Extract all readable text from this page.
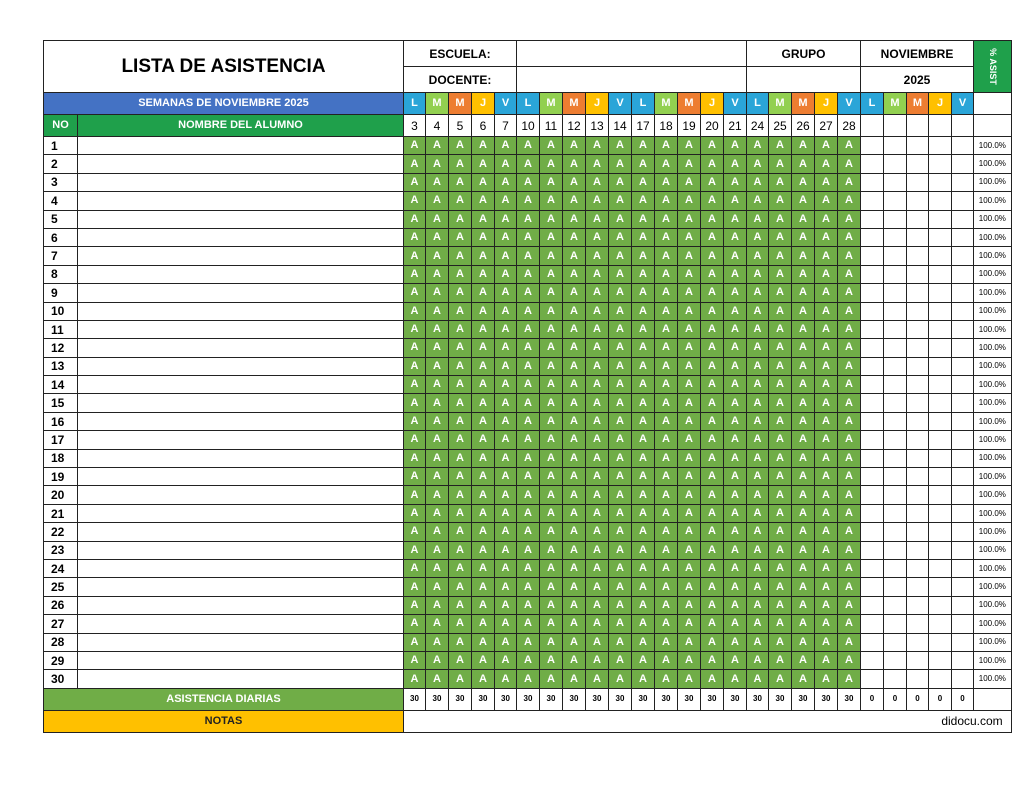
LISTA DE ASISTENCIA		ESCUELA:															GRUPO					NOVIEMBRE					% ASIST
		DOCENTE:																				2025					
SEMANAS DE NOVIEMBRE 2025		L	M	M	J	V	L	M	M	J	V	L	M	M	J	V	L	M	M	J	V	L	M	M	J	V	
NO	NOMBRE DEL ALUMNO	3	4	5	6	7	10	11	12	13	14	17	18	19	20	21	24	25	26	27	28						
1		A	A	A	A	A	A	A	A	A	A	A	A	A	A	A	A	A	A	A	A						100.0%
2		A	A	A	A	A	A	A	A	A	A	A	A	A	A	A	A	A	A	A	A						100.0%
3		A	A	A	A	A	A	A	A	A	A	A	A	A	A	A	A	A	A	A	A						100.0%
4		A	A	A	A	A	A	A	A	A	A	A	A	A	A	A	A	A	A	A	A						100.0%
5		A	A	A	A	A	A	A	A	A	A	A	A	A	A	A	A	A	A	A	A						100.0%
6		A	A	A	A	A	A	A	A	A	A	A	A	A	A	A	A	A	A	A	A						100.0%
7		A	A	A	A	A	A	A	A	A	A	A	A	A	A	A	A	A	A	A	A						100.0%
8		A	A	A	A	A	A	A	A	A	A	A	A	A	A	A	A	A	A	A	A						100.0%
9		A	A	A	A	A	A	A	A	A	A	A	A	A	A	A	A	A	A	A	A						100.0%
10		A	A	A	A	A	A	A	A	A	A	A	A	A	A	A	A	A	A	A	A						100.0%
11		A	A	A	A	A	A	A	A	A	A	A	A	A	A	A	A	A	A	A	A						100.0%
12		A	A	A	A	A	A	A	A	A	A	A	A	A	A	A	A	A	A	A	A						100.0%
13		A	A	A	A	A	A	A	A	A	A	A	A	A	A	A	A	A	A	A	A						100.0%
14		A	A	A	A	A	A	A	A	A	A	A	A	A	A	A	A	A	A	A	A						100.0%
15		A	A	A	A	A	A	A	A	A	A	A	A	A	A	A	A	A	A	A	A						100.0%
16		A	A	A	A	A	A	A	A	A	A	A	A	A	A	A	A	A	A	A	A						100.0%
17		A	A	A	A	A	A	A	A	A	A	A	A	A	A	A	A	A	A	A	A						100.0%
18		A	A	A	A	A	A	A	A	A	A	A	A	A	A	A	A	A	A	A	A						100.0%
19		A	A	A	A	A	A	A	A	A	A	A	A	A	A	A	A	A	A	A	A						100.0%
20		A	A	A	A	A	A	A	A	A	A	A	A	A	A	A	A	A	A	A	A						100.0%
21		A	A	A	A	A	A	A	A	A	A	A	A	A	A	A	A	A	A	A	A						100.0%
22		A	A	A	A	A	A	A	A	A	A	A	A	A	A	A	A	A	A	A	A						100.0%
23		A	A	A	A	A	A	A	A	A	A	A	A	A	A	A	A	A	A	A	A						100.0%
24		A	A	A	A	A	A	A	A	A	A	A	A	A	A	A	A	A	A	A	A						100.0%
25		A	A	A	A	A	A	A	A	A	A	A	A	A	A	A	A	A	A	A	A						100.0%
26		A	A	A	A	A	A	A	A	A	A	A	A	A	A	A	A	A	A	A	A						100.0%
27		A	A	A	A	A	A	A	A	A	A	A	A	A	A	A	A	A	A	A	A						100.0%
28		A	A	A	A	A	A	A	A	A	A	A	A	A	A	A	A	A	A	A	A						100.0%
29		A	A	A	A	A	A	A	A	A	A	A	A	A	A	A	A	A	A	A	A						100.0%
30		A	A	A	A	A	A	A	A	A	A	A	A	A	A	A	A	A	A	A	A						100.0%
ASISTENCIA DIARIAS		30	30	30	30	30	30	30	30	30	30	30	30	30	30	30	30	30	30	30	30	0	0	0	0	0	
NOTAS		didocu.com																									
